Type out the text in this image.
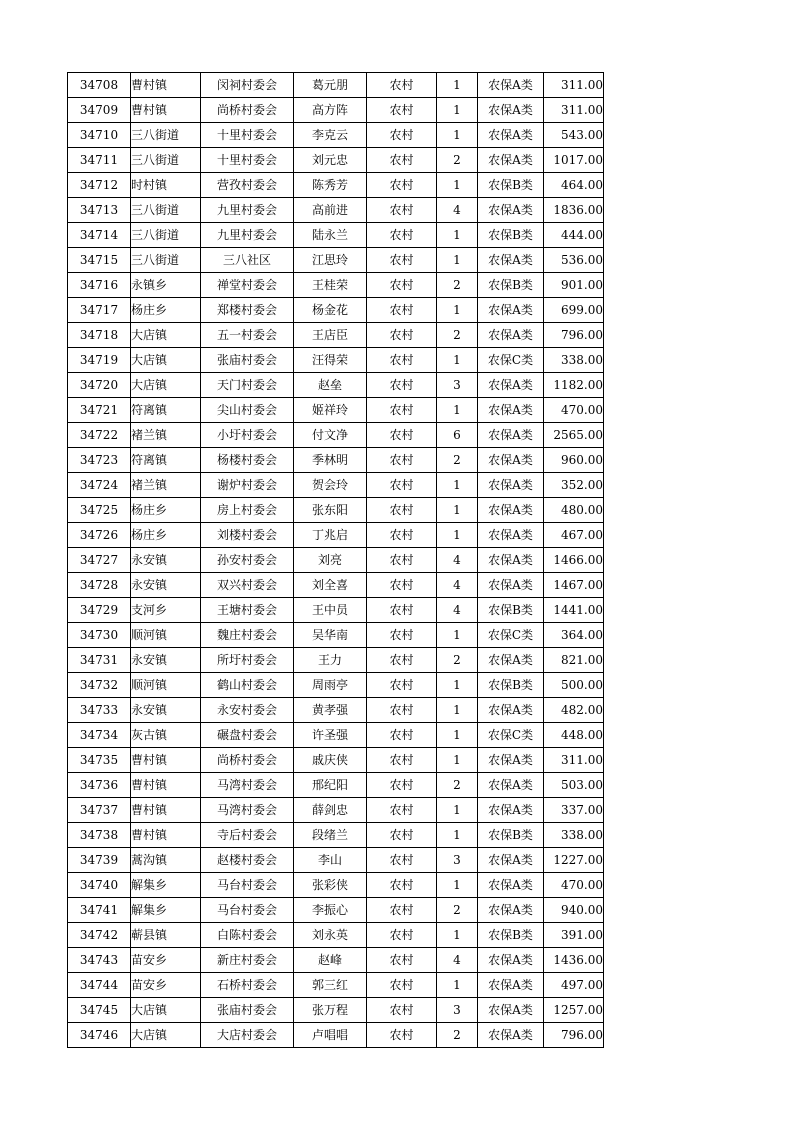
34708	曹村镇	闵祠村委会	葛元朋	农村	1	农保A类	311.00
34709	曹村镇	尚桥村委会	高方阵	农村	1	农保A类	311.00
34710	三八街道	十里村委会	李克云	农村	1	农保A类	543.00
34711	三八街道	十里村委会	刘元忠	农村	2	农保A类	1017.00
34712	时村镇	营孜村委会	陈秀芳	农村	1	农保B类	464.00
34713	三八街道	九里村委会	高前进	农村	4	农保A类	1836.00
34714	三八街道	九里村委会	陆永兰	农村	1	农保B类	444.00
34715	三八街道	三八社区	江思玲	农村	1	农保A类	536.00
34716	永镇乡	禅堂村委会	王桂荣	农村	2	农保B类	901.00
34717	杨庄乡	郑楼村委会	杨金花	农村	1	农保A类	699.00
34718	大店镇	五一村委会	王店臣	农村	2	农保A类	796.00
34719	大店镇	张庙村委会	汪得荣	农村	1	农保C类	338.00
34720	大店镇	天门村委会	赵垒	农村	3	农保A类	1182.00
34721	符离镇	尖山村委会	姬祥玲	农村	1	农保A类	470.00
34722	褚兰镇	小圩村委会	付文净	农村	6	农保A类	2565.00
34723	符离镇	杨楼村委会	季林明	农村	2	农保A类	960.00
34724	褚兰镇	谢炉村委会	贺会玲	农村	1	农保A类	352.00
34725	杨庄乡	房上村委会	张东阳	农村	1	农保A类	480.00
34726	杨庄乡	刘楼村委会	丁兆启	农村	1	农保A类	467.00
34727	永安镇	孙安村委会	刘亮	农村	4	农保A类	1466.00
34728	永安镇	双兴村委会	刘全喜	农村	4	农保A类	1467.00
34729	支河乡	王塘村委会	王中员	农村	4	农保B类	1441.00
34730	顺河镇	魏庄村委会	吴华南	农村	1	农保C类	364.00
34731	永安镇	所圩村委会	王力	农村	2	农保A类	821.00
34732	顺河镇	鹤山村委会	周雨亭	农村	1	农保B类	500.00
34733	永安镇	永安村委会	黄孝强	农村	1	农保A类	482.00
34734	灰古镇	碾盘村委会	许圣强	农村	1	农保C类	448.00
34735	曹村镇	尚桥村委会	戚庆侠	农村	1	农保A类	311.00
34736	曹村镇	马湾村委会	邢纪阳	农村	2	农保A类	503.00
34737	曹村镇	马湾村委会	薛剑忠	农村	1	农保A类	337.00
34738	曹村镇	寺后村委会	段绪兰	农村	1	农保B类	338.00
34739	蒿沟镇	赵楼村委会	李山	农村	3	农保A类	1227.00
34740	解集乡	马台村委会	张彩侠	农村	1	农保A类	470.00
34741	解集乡	马台村委会	李振心	农村	2	农保A类	940.00
34742	蕲县镇	白陈村委会	刘永英	农村	1	农保B类	391.00
34743	苗安乡	新庄村委会	赵峰	农村	4	农保A类	1436.00
34744	苗安乡	石桥村委会	郭三红	农村	1	农保A类	497.00
34745	大店镇	张庙村委会	张万程	农村	3	农保A类	1257.00
34746	大店镇	大店村委会	卢唱唱	农村	2	农保A类	796.00
